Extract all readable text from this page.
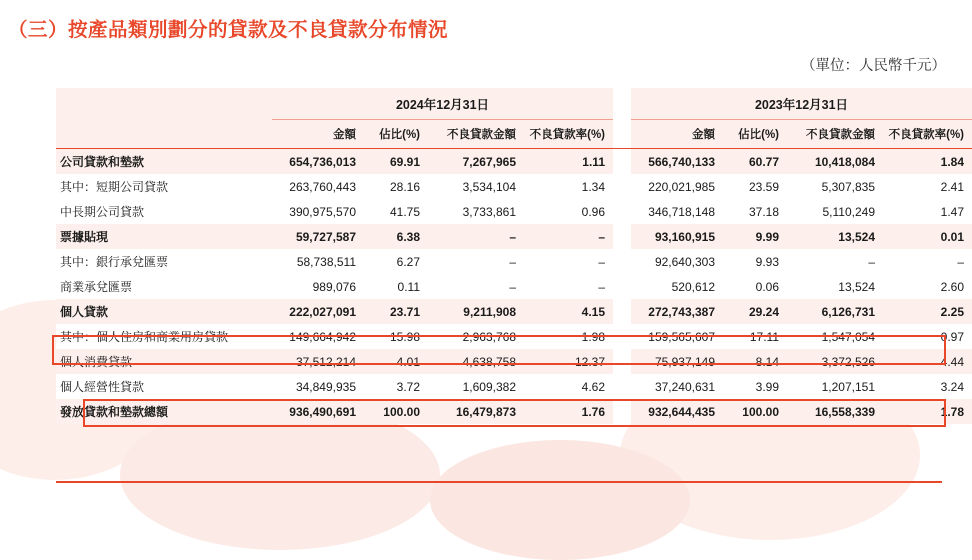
（三）按產品類別劃分的貸款及不良貸款分布情況
（單位：人民幣千元）
	2024年12月31日					2023年12月31日			
	金額	佔比(%)	不良貸款金額	不良貸款率(%)		金額	佔比(%)	不良貸款金額	不良貸款率(%)
公司貸款和墊款	654,736,013	69.91	7,267,965	1.11		566,740,133	60.77	10,418,084	1.84
其中：短期公司貸款	263,760,443	28.16	3,534,104	1.34		220,021,985	23.59	5,307,835	2.41
中長期公司貸款	390,975,570	41.75	3,733,861	0.96		346,718,148	37.18	5,110,249	1.47
票據貼現	59,727,587	6.38	–	–		93,160,915	9.99	13,524	0.01
其中：銀行承兌匯票	58,738,511	6.27	–	–		92,640,303	9.93	–	–
商業承兌匯票	989,076	0.11	–	–		520,612	0.06	13,524	2.60
個人貸款	222,027,091	23.71	9,211,908	4.15		272,743,387	29.24	6,126,731	2.25
其中：個人住房和商業用房貸款	149,664,942	15.98	2,963,768	1.98		159,565,607	17.11	1,547,054	0.97
個人消費貸款	37,512,214	4.01	4,638,758	12.37		75,937,149	8.14	3,372,526	4.44
個人經營性貸款	34,849,935	3.72	1,609,382	4.62		37,240,631	3.99	1,207,151	3.24
發放貸款和墊款總額	936,490,691	100.00	16,479,873	1.76		932,644,435	100.00	16,558,339	1.78
